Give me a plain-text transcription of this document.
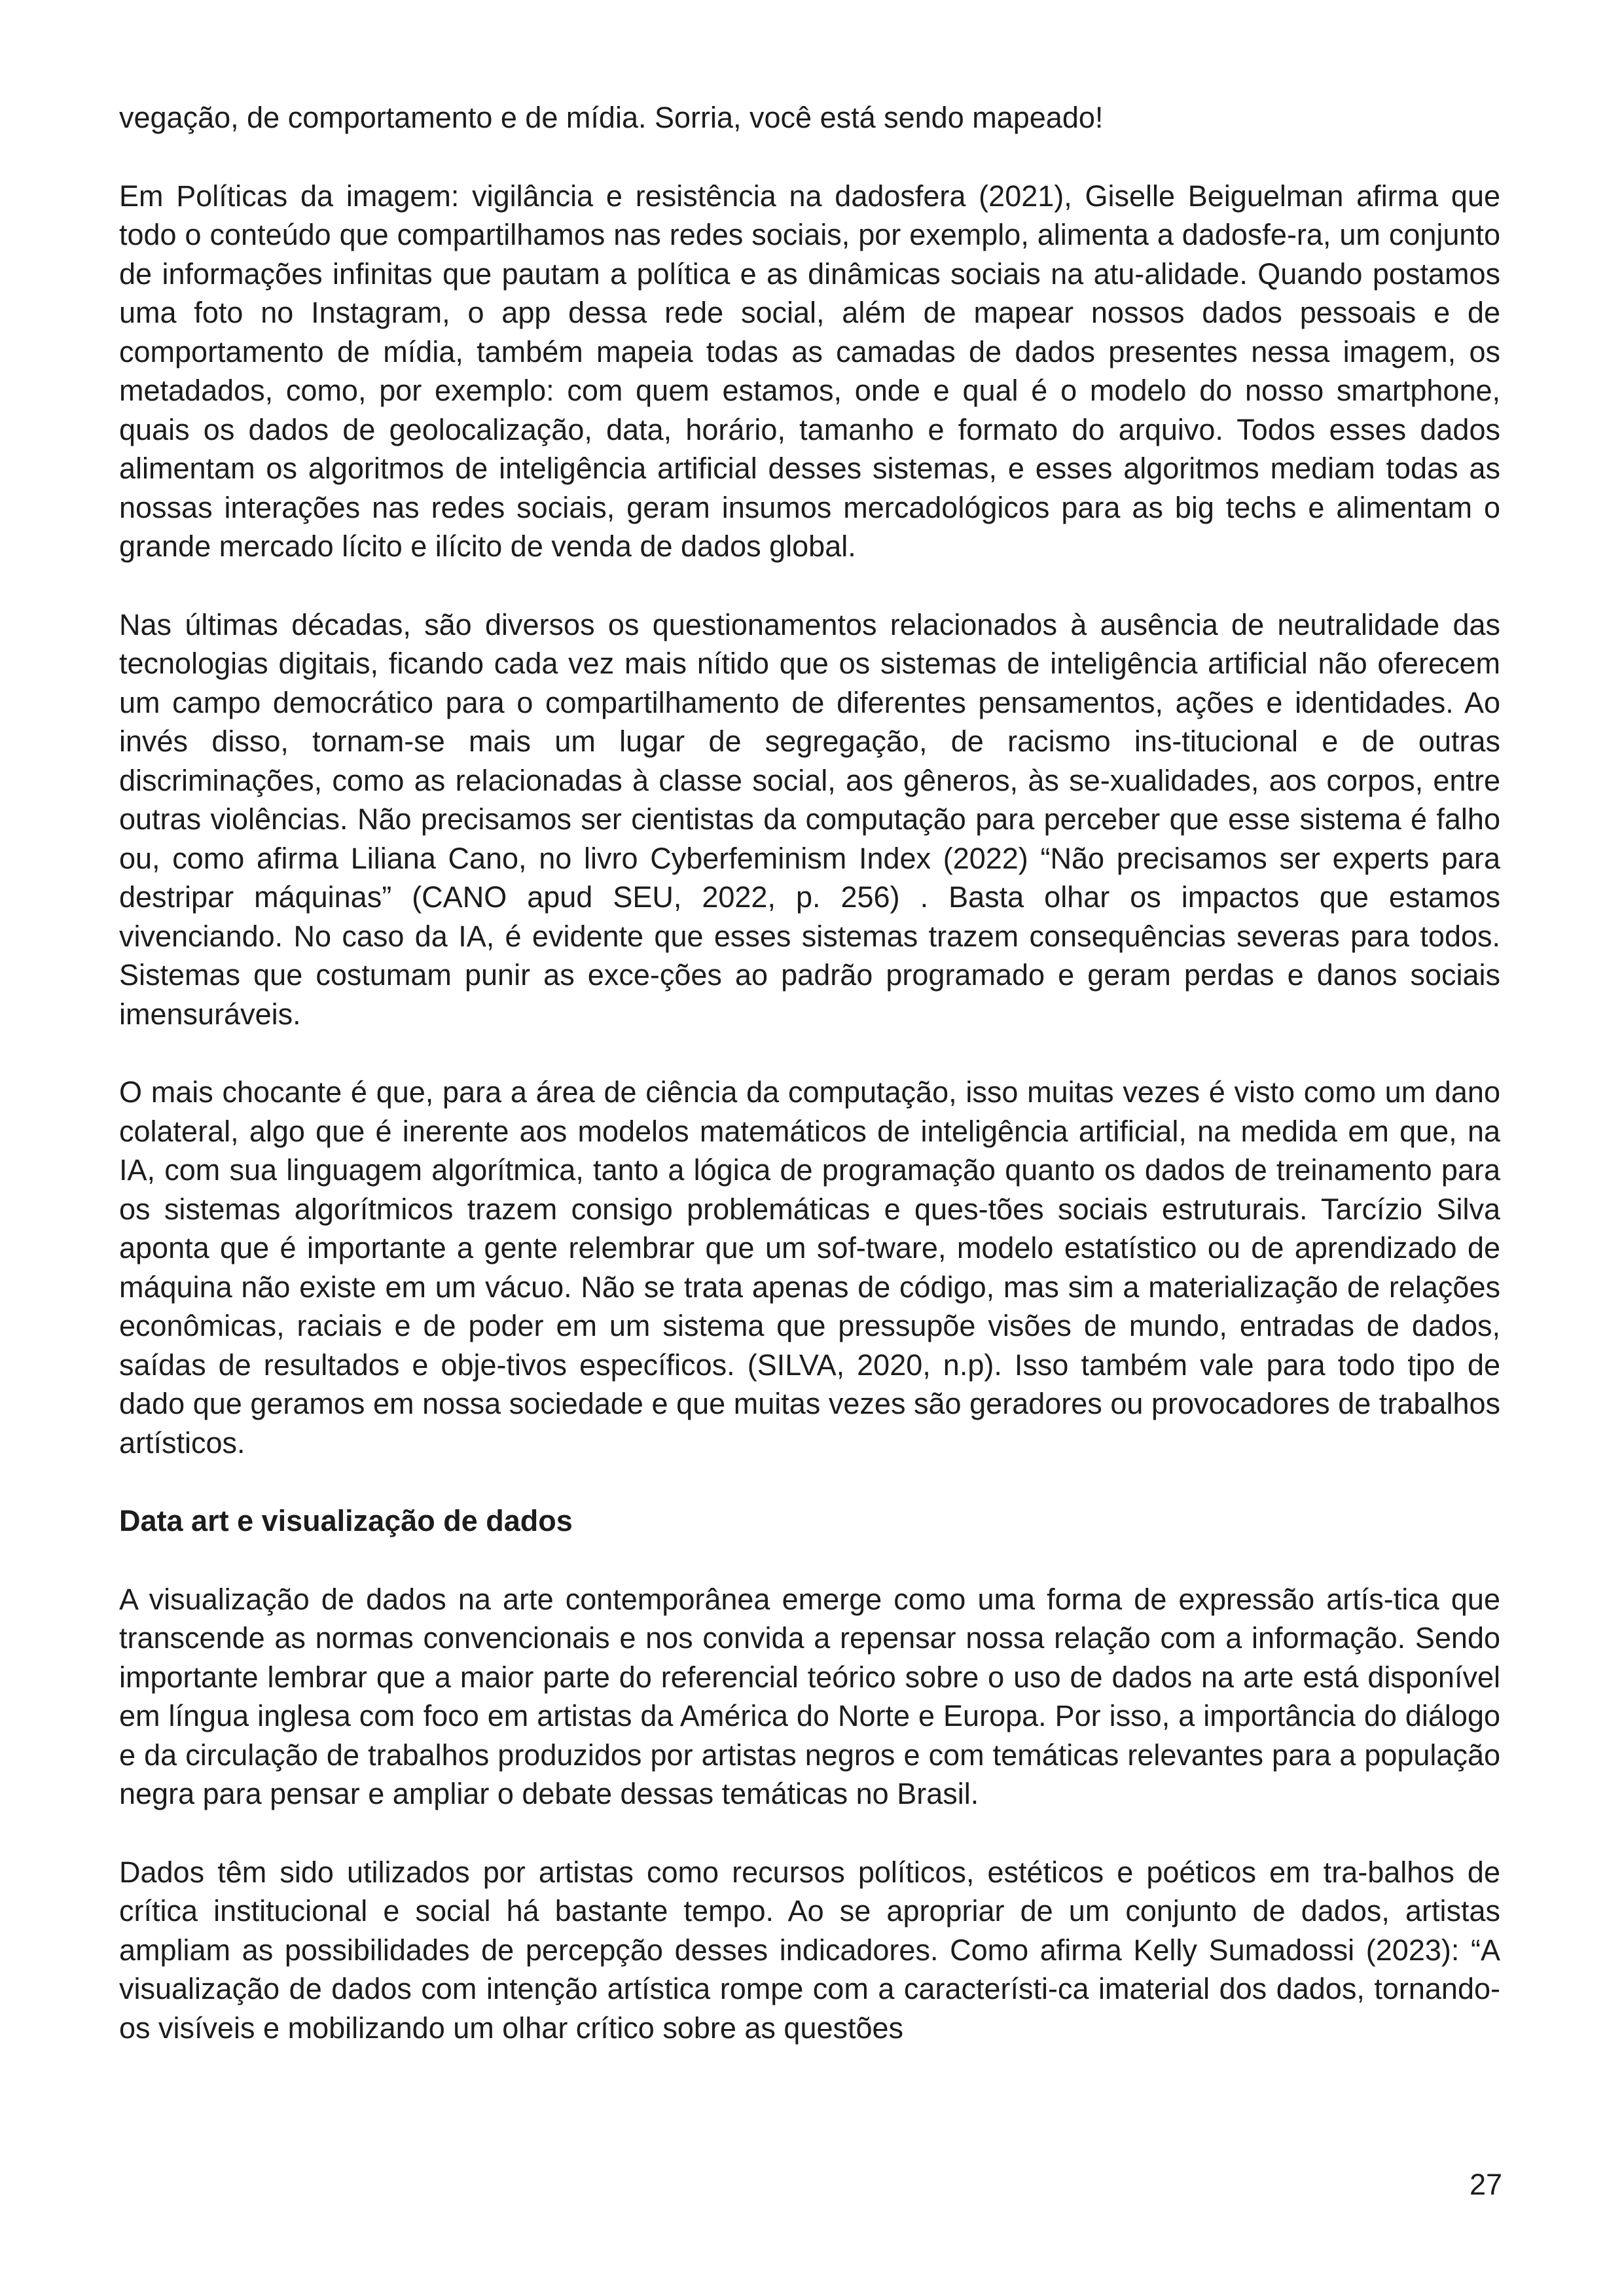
vegação, de comportamento e de mídia. Sorria, você está sendo mapeado!

Em Políticas da imagem: vigilância e resistência na dadosfera (2021), Giselle Beiguelman afirma que todo o conteúdo que compartilhamos nas redes sociais, por exemplo, alimenta a dadosfe-ra, um conjunto de informações infinitas que pautam a política e as dinâmicas sociais na atu-alidade. Quando postamos uma foto no Instagram, o app dessa rede social, além de mapear nossos dados pessoais e de comportamento de mídia, também mapeia todas as camadas de dados presentes nessa imagem, os metadados, como, por exemplo: com quem estamos, onde e qual é o modelo do nosso smartphone, quais os dados de geolocalização, data, horário, tamanho e formato do arquivo. Todos esses dados alimentam os algoritmos de inteligência artificial desses sistemas, e esses algoritmos mediam todas as nossas interações nas redes sociais, geram insumos mercadológicos para as big techs e alimentam o grande mercado lícito e ilícito de venda de dados global.

Nas últimas décadas, são diversos os questionamentos relacionados à ausência de neutralidade das tecnologias digitais, ficando cada vez mais nítido que os sistemas de inteligência artificial não oferecem um campo democrático para o compartilhamento de diferentes pensamentos, ações e identidades. Ao invés disso, tornam-se mais um lugar de segregação, de racismo ins-titucional e de outras discriminações, como as relacionadas à classe social, aos gêneros, às se-xualidades, aos corpos, entre outras violências. Não precisamos ser cientistas da computação para perceber que esse sistema é falho ou, como afirma Liliana Cano, no livro Cyberfeminism Index (2022) “Não precisamos ser experts para destripar máquinas” (CANO apud SEU, 2022, p. 256) . Basta olhar os impactos que estamos vivenciando. No caso da IA, é evidente que esses sistemas trazem consequências severas para todos. Sistemas que costumam punir as exce-ções ao padrão programado e geram perdas e danos sociais imensuráveis.

O mais chocante é que, para a área de ciência da computação, isso muitas vezes é visto como um dano colateral, algo que é inerente aos modelos matemáticos de inteligência artificial, na medida em que, na IA, com sua linguagem algorítmica, tanto a lógica de programação quanto os dados de treinamento para os sistemas algorítmicos trazem consigo problemáticas e ques-tões sociais estruturais. Tarcízio Silva aponta que é importante a gente relembrar que um sof-tware, modelo estatístico ou de aprendizado de máquina não existe em um vácuo. Não se trata apenas de código, mas sim a materialização de relações econômicas, raciais e de poder em um sistema que pressupõe visões de mundo, entradas de dados, saídas de resultados e obje-tivos específicos. (SILVA, 2020, n.p). Isso também vale para todo tipo de dado que geramos em nossa sociedade e que muitas vezes são geradores ou provocadores de trabalhos artísticos.

Data art e visualização de dados

A visualização de dados na arte contemporânea emerge como uma forma de expressão artís-tica que transcende as normas convencionais e nos convida a repensar nossa relação com a informação. Sendo importante lembrar que a maior parte do referencial teórico sobre o uso de dados na arte está disponível em língua inglesa com foco em artistas da América do Norte e Europa. Por isso, a importância do diálogo e da circulação de trabalhos produzidos por artistas negros e com temáticas relevantes para a população negra para pensar e ampliar o debate dessas temáticas no Brasil.

Dados têm sido utilizados por artistas como recursos políticos, estéticos e poéticos em tra-balhos de crítica institucional e social há bastante tempo. Ao se apropriar de um conjunto de dados, artistas ampliam as possibilidades de percepção desses indicadores. Como afirma Kelly Sumadossi (2023): “A visualização de dados com intenção artística rompe com a característi-ca imaterial dos dados, tornando-os visíveis e mobilizando um olhar crítico sobre as questões

27
